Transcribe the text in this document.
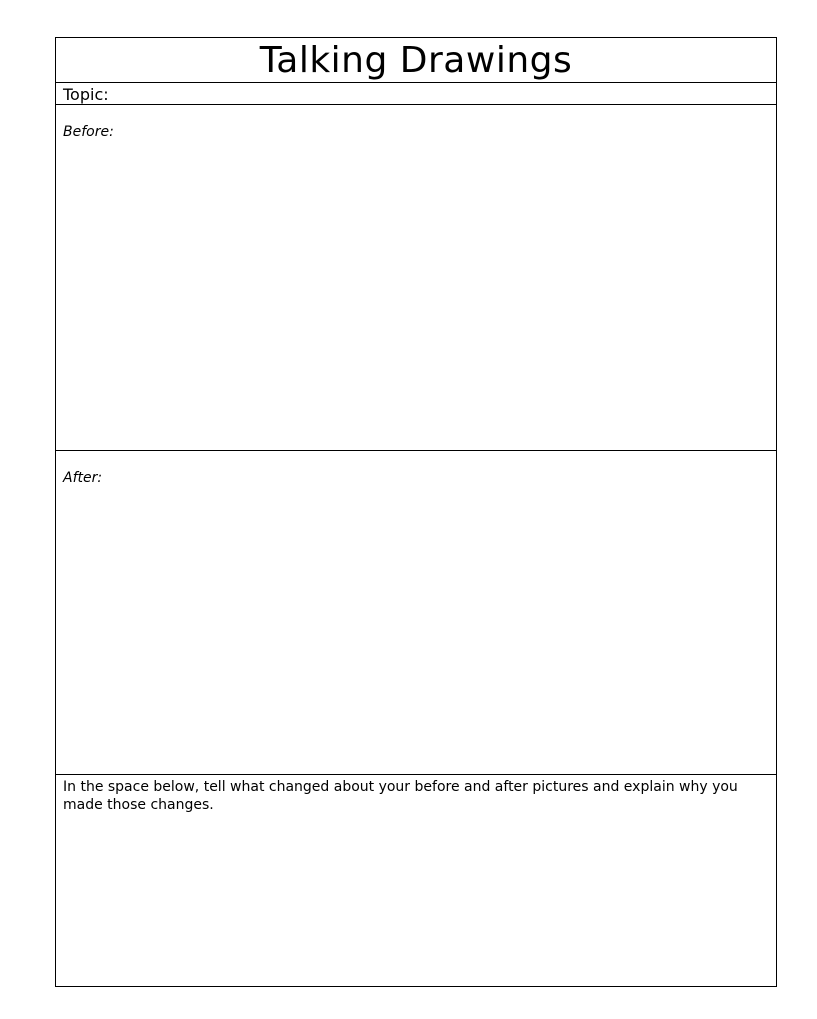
Talking Drawings
Topic:
Before:
After:

In the space below, tell what changed about your before and after pictures and explain why you made those changes.
